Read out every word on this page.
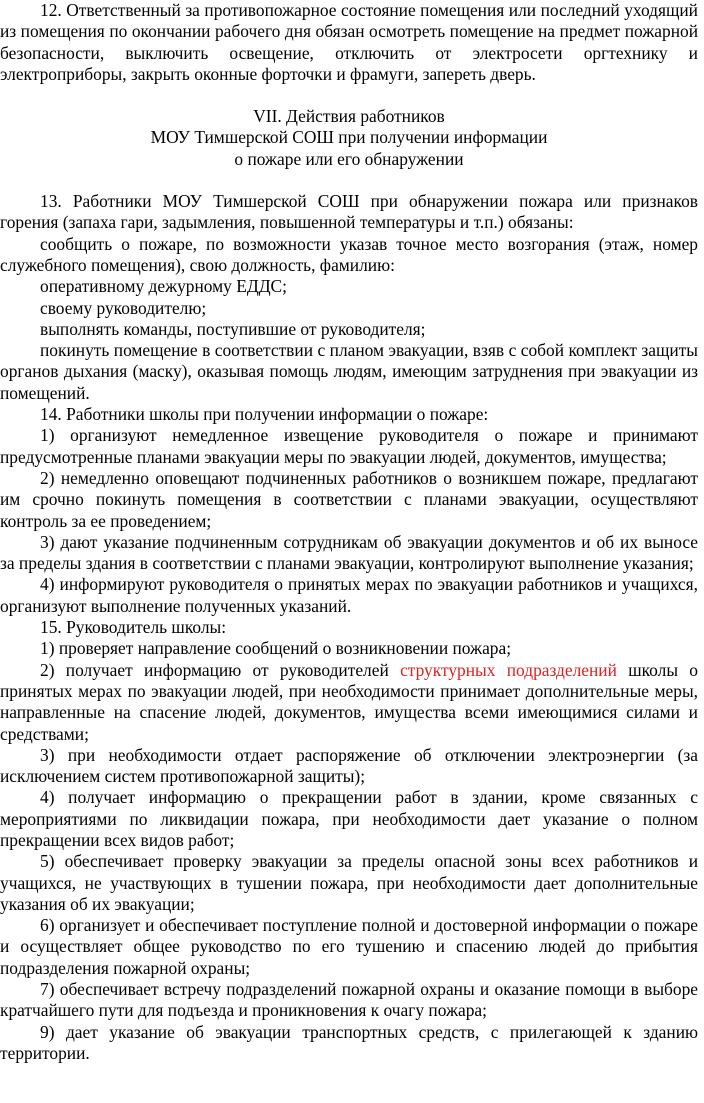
12. Ответственный за противопожарное состояние помещения или последний уходящий из помещения по окончании рабочего дня обязан осмотреть помещение на предмет пожарной безопасности, выключить освещение, отключить от электросети оргтехнику и электроприборы, закрыть оконные форточки и фрамуги, запереть дверь.

VII. Действия работников
МОУ Тимшерской СОШ при получении информации
о пожаре или его обнаружении

13. Работники МОУ Тимшерской СОШ при обнаружении пожара или признаков горения (запаха гари, задымления, повышенной температуры и т.п.) обязаны:

сообщить о пожаре, по возможности указав точное место возгорания (этаж, номер служебного помещения), свою должность, фамилию:

оперативному дежурному ЕДДС;

своему руководителю;

выполнять команды, поступившие от руководителя;

покинуть помещение в соответствии с планом эвакуации, взяв с собой комплект защиты органов дыхания (маску), оказывая помощь людям, имеющим затруднения при эвакуации из помещений.

14. Работники школы при получении информации о пожаре:

1) организуют немедленное извещение руководителя о пожаре и принимают предусмотренные планами эвакуации меры по эвакуации людей, документов, имущества;

2) немедленно оповещают подчиненных работников о возникшем пожаре, предлагают им срочно покинуть помещения в соответствии с планами эвакуации, осуществляют контроль за ее проведением;

3) дают указание подчиненным сотрудникам об эвакуации документов и об их выносе за пределы здания в соответствии с планами эвакуации, контролируют выполнение указания;

4) информируют руководителя о принятых мерах по эвакуации работников и учащихся, организуют выполнение полученных указаний.

15. Руководитель школы:

1) проверяет направление сообщений о возникновении пожара;

2) получает информацию от руководителей структурных подразделений школы о принятых мерах по эвакуации людей, при необходимости принимает дополнительные меры, направленные на спасение людей, документов, имущества всеми имеющимися силами и средствами;

3) при необходимости отдает распоряжение об отключении электроэнергии (за исключением систем противопожарной защиты);

4) получает информацию о прекращении работ в здании, кроме связанных с мероприятиями по ликвидации пожара, при необходимости дает указание о полном прекращении всех видов работ;

5) обеспечивает проверку эвакуации за пределы опасной зоны всех работников и учащихся, не участвующих в тушении пожара, при необходимости дает дополнительные указания об их эвакуации;

6) организует и обеспечивает поступление полной и достоверной информации о пожаре и осуществляет общее руководство по его тушению и спасению людей до прибытия подразделения пожарной охраны;

7) обеспечивает встречу подразделений пожарной охраны и оказание помощи в выборе кратчайшего пути для подъезда и проникновения к очагу пожара;

9) дает указание об эвакуации транспортных средств, с прилегающей к зданию территории.
